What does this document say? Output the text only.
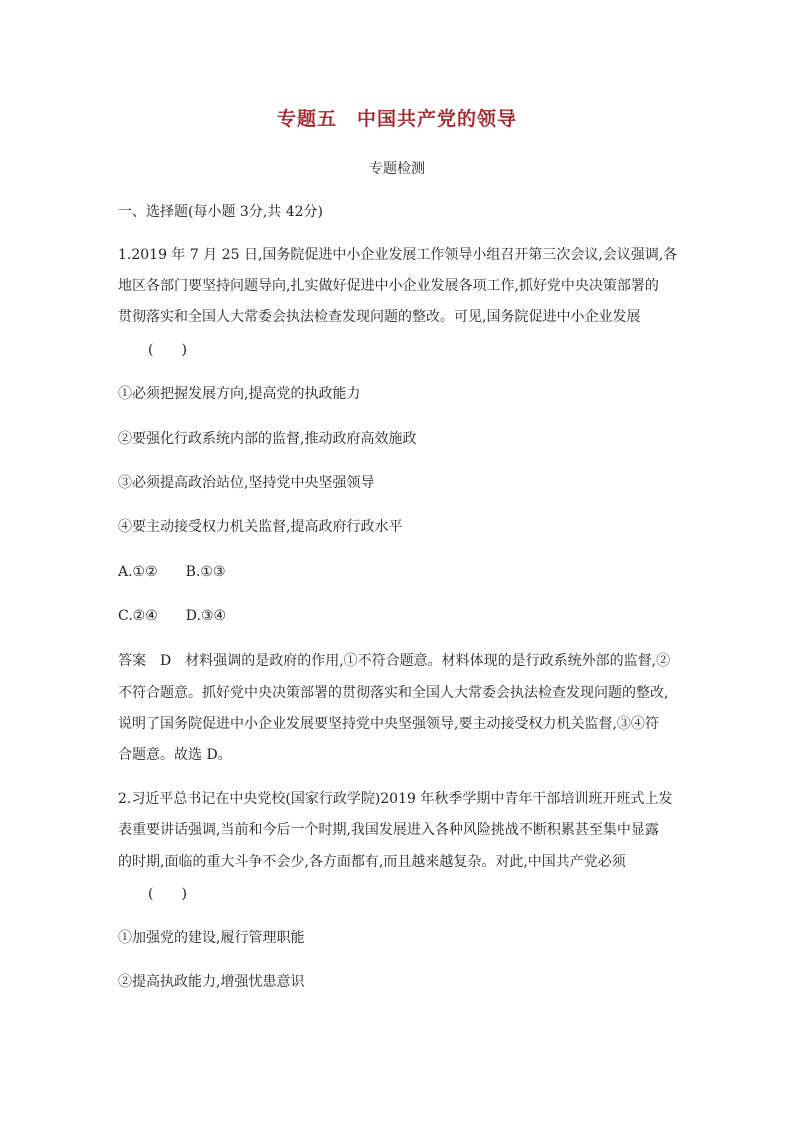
专题五　中国共产党的领导
专题检测
一、选择题(每小题 3分,共 42分)
1.2019 年 7 月 25 日,国务院促进中小企业发展工作领导小组召开第三次会议,会议强调,各
地区各部门要坚持问题导向,扎实做好促进中小企业发展各项工作,抓好党中央决策部署的
贯彻落实和全国人大常委会执法检查发现问题的整改。可见,国务院促进中小企业发展
(　　)
①必须把握发展方向,提高党的执政能力
②要强化行政系统内部的监督,推动政府高效施政
③必须提高政治站位,坚持党中央坚强领导
④要主动接受权力机关监督,提高政府行政水平
A.①②　　B.①③
C.②④　　D.③④
答案　D　材料强调的是政府的作用,①不符合题意。材料体现的是行政系统外部的监督,②
不符合题意。抓好党中央决策部署的贯彻落实和全国人大常委会执法检查发现问题的整改,
说明了国务院促进中小企业发展要坚持党中央坚强领导,要主动接受权力机关监督,③④符
合题意。故选 D。
2.习近平总书记在中央党校(国家行政学院)2019 年秋季学期中青年干部培训班开班式上发
表重要讲话强调,当前和今后一个时期,我国发展进入各种风险挑战不断积累甚至集中显露
的时期,面临的重大斗争不会少,各方面都有,而且越来越复杂。对此,中国共产党必须
(　　)
①加强党的建设,履行管理职能
②提高执政能力,增强忧患意识
